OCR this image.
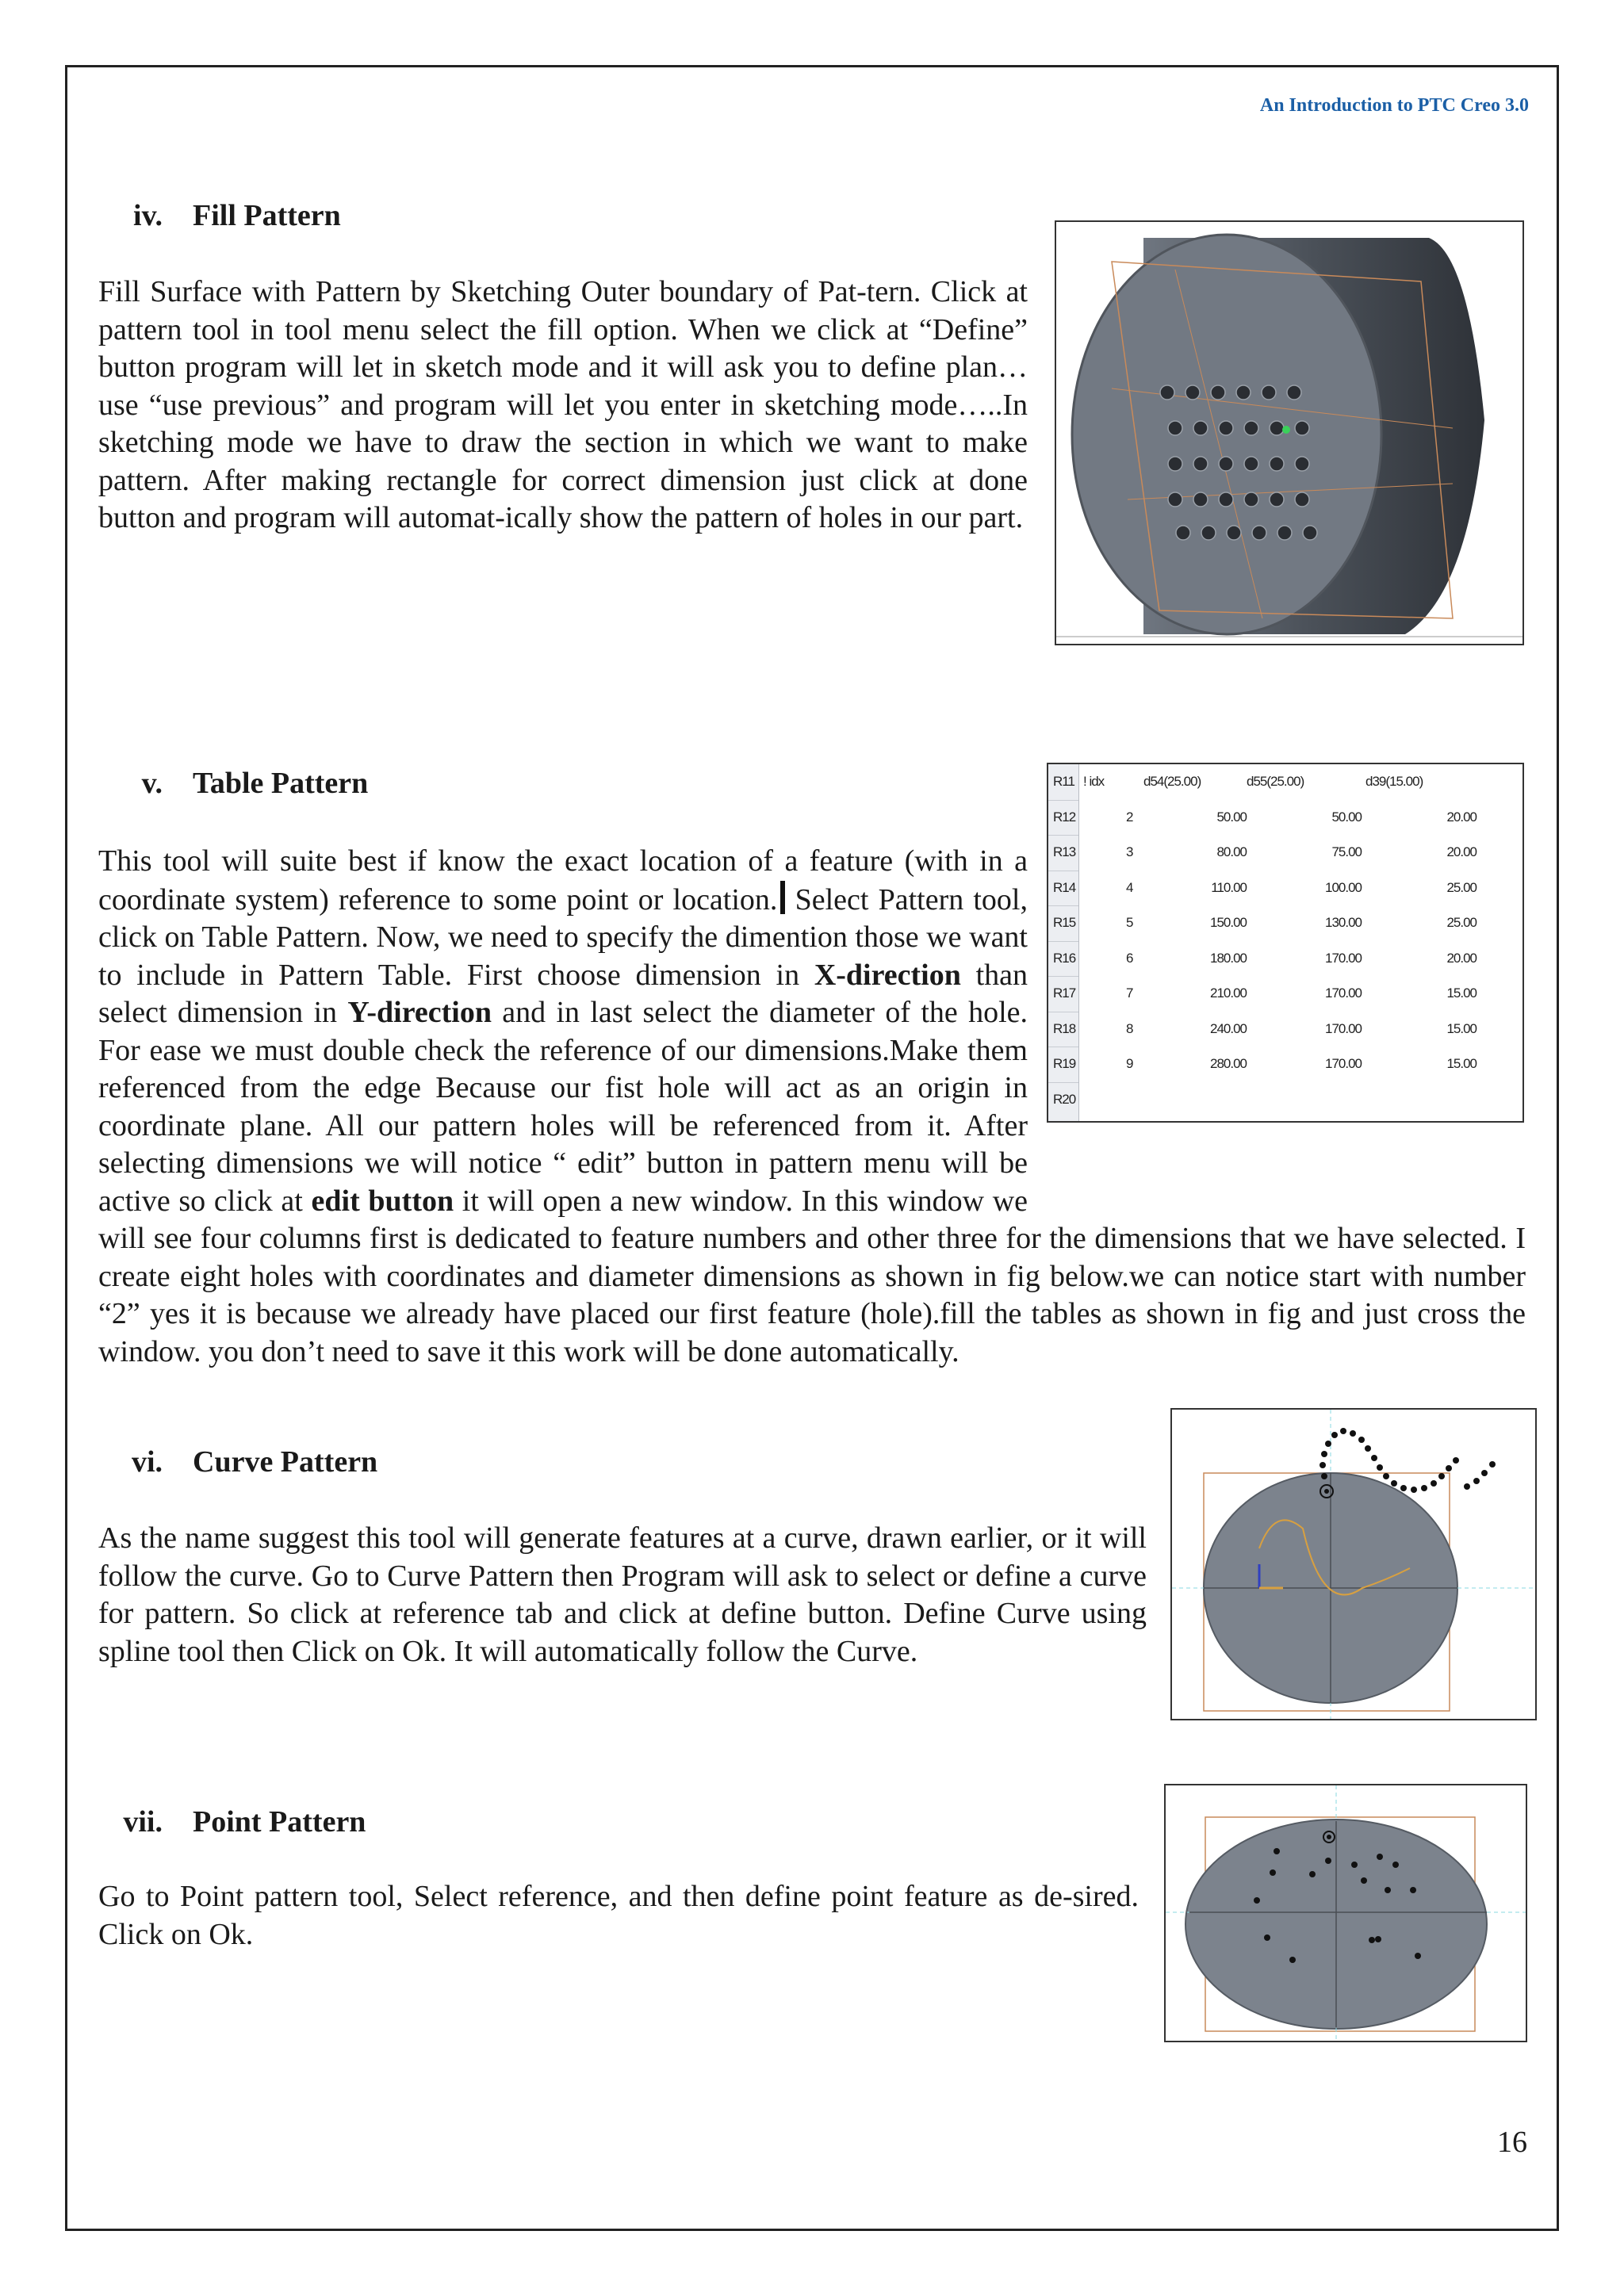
An Introduction to PTC Creo 3.0
iv. Fill Pattern
Fill Surface with Pattern by Sketching Outer boundary of Pat-tern. Click at pattern tool in tool menu select the fill option. When we click at “Define” button program will let in sketch mode and it will ask you to define plan…use “use previous” and program will let you enter in sketching mode…..In sketching mode we have to draw the section in which we want to make pattern. After making rectangle for correct dimension just click at done button and program will automat-ically show the pattern of holes in our part.
v. Table Pattern
This tool will suite best if know the exact location of a feature (with in a coordinate system) reference to some point or location. Select Pattern tool, click on Table Pattern. Now, we need to specify the dimention those we want to include in Pattern Table. First choose dimension in X-direction than select dimension in Y-direction and in last select the diameter of the hole. For ease we must double check the reference of our dimensions.Make them referenced from the edge Because our fist hole will act as an origin in coordinate plane. All our pattern holes will be referenced from it. After selecting dimensions we will notice “ edit” button in pattern menu will be active so click at edit button it will open a new window. In this window we will see four columns first is dedicated to feature numbers and other three for the dimensions that we have selected. I create eight holes with coordinates and diameter dimensions as shown in fig below.we can notice start with number “2” yes it is because we already have placed our first feature (hole).fill the tables as shown in fig and just cross the window. you don’t need to save it this work will be done automatically.
R11 ! idx	d54(25.00)	d55(25.00)	d39(15.00)
R12	2	50.00	50.00	20.00
R13	3	80.00	75.00	20.00
R14	4	110.00	100.00	25.00
R15	5	150.00	130.00	25.00
R16	6	180.00	170.00	20.00
R17	7	210.00	170.00	15.00
R18	8	240.00	170.00	15.00
R19	9	280.00	170.00	15.00
R20
vi. Curve Pattern
As the name suggest this tool will generate features at a curve, drawn earlier, or it will follow the curve. Go to Curve Pattern then Program will ask to select or define a curve for pattern. So click at reference tab and click at define button. Define Curve using spline tool then Click on Ok. It will automatically follow the Curve.
vii. Point Pattern
Go to Point pattern tool, Select reference, and then define point feature as de-sired. Click on Ok.
16
